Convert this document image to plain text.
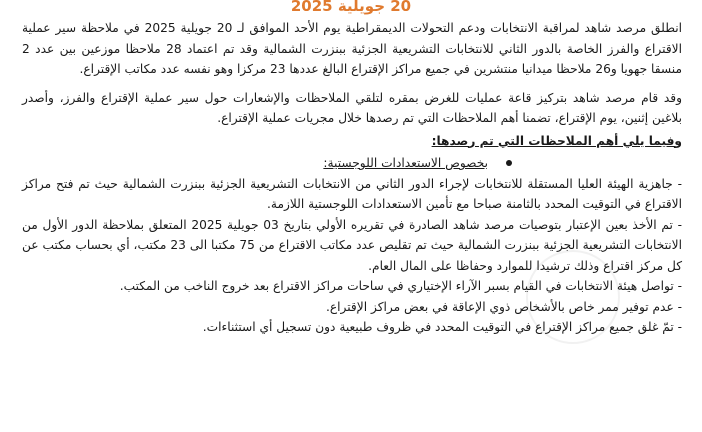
20 جويلية 2025

انطلق مرصد شاهد لمراقبة الانتخابات ودعم التحولات الديمقراطية يوم الأحد الموافق لـ 20 جويلية 2025 في ملاحظة سير عملية الاقتراع والفرز الخاصة بالدور الثاني للانتخابات التشريعية الجزئية ببنزرت الشمالية وقد تم اعتماد 28 ملاحظا موزعين بين عدد 2 منسقا جهويا و26 ملاحظا ميدانيا منتشرين في جميع مراكز الإقتراع البالغ عددها 23 مركزا وهو نفسه عدد مكاتب الإقتراع.

وقد قام مرصد شاهد بتركيز قاعة عمليات للغرض بمقره لتلقي الملاحظات والإشعارات حول سير عملية الإقتراع والفرز، وأصدر بلاغين إثنين، يوم الإقتراع، تضمنا أهم الملاحظات التي تم رصدها خلال مجريات عملية الإقتراع.

وفيما يلي أهم الملاحظات التي تم رصدها:

بخصوص الاستعدادات اللوجستية:

- جاهزية الهيئة العليا المستقلة للانتخابات لإجراء الدور الثاني من الانتخابات التشريعية الجزئية ببنزرت الشمالية حيث تم فتح مراكز الاقتراع في التوقيت المحدد بالثامنة صباحا مع تأمين الاستعدادات اللوجستية اللازمة.

- تم الأخذ بعين الإعتبار بتوصيات مرصد شاهد الصادرة في تقريره الأولي بتاريخ 03 جويلية 2025 المتعلق بملاحظة الدور الأول من الانتخابات التشريعية الجزئية ببنزرت الشمالية حيث تم تقليص عدد مكاتب الاقتراع من 75 مكتبا الى 23 مكتب، أي بحساب مكتب عن كل مركز اقتراع وذلك ترشيدا للموارد وحفاظا على المال العام.

- تواصل هيئة الانتخابات في القيام بسبر الآراء الإختياري في ساحات مراكز الاقتراع بعد خروج الناخب من المكتب.

- عدم توفير ممر خاص بالأشخاص ذوي الإعاقة في بعض مراكز الإقتراع.

- تمّ غلق جميع مراكز الإقتراع في التوقيت المحدد في ظروف طبيعية دون تسجيل أي استثناءات.
